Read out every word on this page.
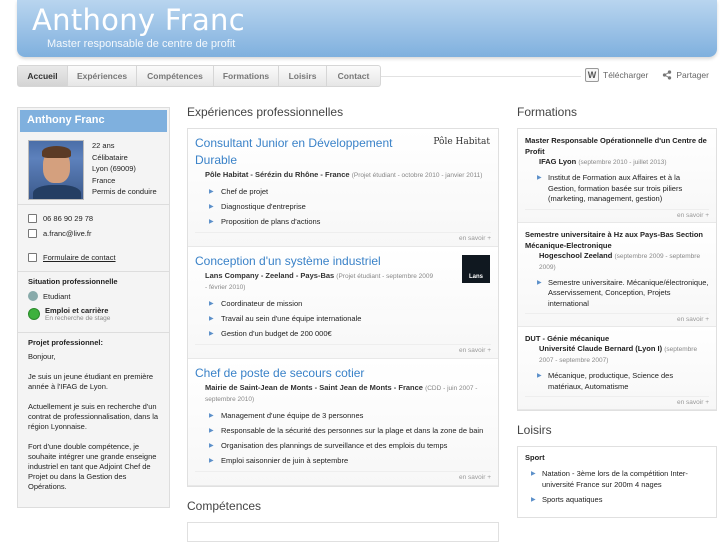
Anthony Franc
Master responsable de centre de profit
Accueil	Expériences	Compétences	Formations	Loisirs	Contact	W Télécharger	Partager
Anthony Franc
22 ans
Célibataire
Lyon (69009)
France
Permis de conduire
06 86 90 29 78
a.franc@live.fr
Formulaire de contact
Situation professionnelle
Etudiant
Emploi et carrière
En recherche de stage
Projet professionnel:

Bonjour,

Je suis un jeune étudiant en première année à l'IFAG de Lyon.

Actuellement je suis en recherche d'un contrat de professionnalisation, dans la région Lyonnaise.

Fort d'une double compétence, je souhaite intégrer une grande enseigne industriel en tant que Adjoint Chef de Projet ou dans la Gestion des Opérations.

Expériences professionnelles
Consultant Junior en Développement Durable
Pôle Habitat
Pôle Habitat - Sérézin du Rhône - France (Projet étudiant - octobre 2010 - janvier 2011)
▶ Chef de projet
▶ Diagnostique d'entreprise
▶ Proposition de plans d'actions
en savoir +
Conception d'un système industriel
Lans
Lans Company - Zeeland - Pays-Bas (Projet étudiant - septembre 2009 - février 2010)
▶ Coordinateur de mission
▶ Travail au sein d'une équipe internationale
▶ Gestion d'un budget de 200 000€
en savoir +
Chef de poste de secours cotier
Mairie de Saint-Jean de Monts - Saint Jean de Monts - France (CDD - juin 2007 - septembre 2010)
▶ Management d'une équipe de 3 personnes
▶ Responsable de la sécurité des personnes sur la plage et dans la zone de bain
▶ Organisation des plannings de surveillance et des emplois du temps
▶ Emploi saisonnier de juin à septembre
en savoir +
Compétences
Formations
Master Responsable Opérationnelle d'un Centre de Profit
IFAG Lyon (septembre 2010 - juillet 2013)
▶ Institut de Formation aux Affaires et à la Gestion, formation basée sur trois piliers (marketing, management, gestion)
en savoir +
Semestre universitaire à Hz aux Pays-Bas Section Mécanique-Electronique
Hogeschool Zeeland (septembre 2009 - septembre 2009)
▶ Semestre universitaire. Mécanique/électronique, Asservissement, Conception, Projets international
en savoir +
DUT - Génie mécanique
Université Claude Bernard (Lyon I) (septembre 2007 - septembre 2007)
▶ Mécanique, productique, Science des matériaux, Automatisme
en savoir +
Loisirs
Sport
▶ Natation - 3ème lors de la compétition Inter-université France sur 200m 4 nages
▶ Sports aquatiques
